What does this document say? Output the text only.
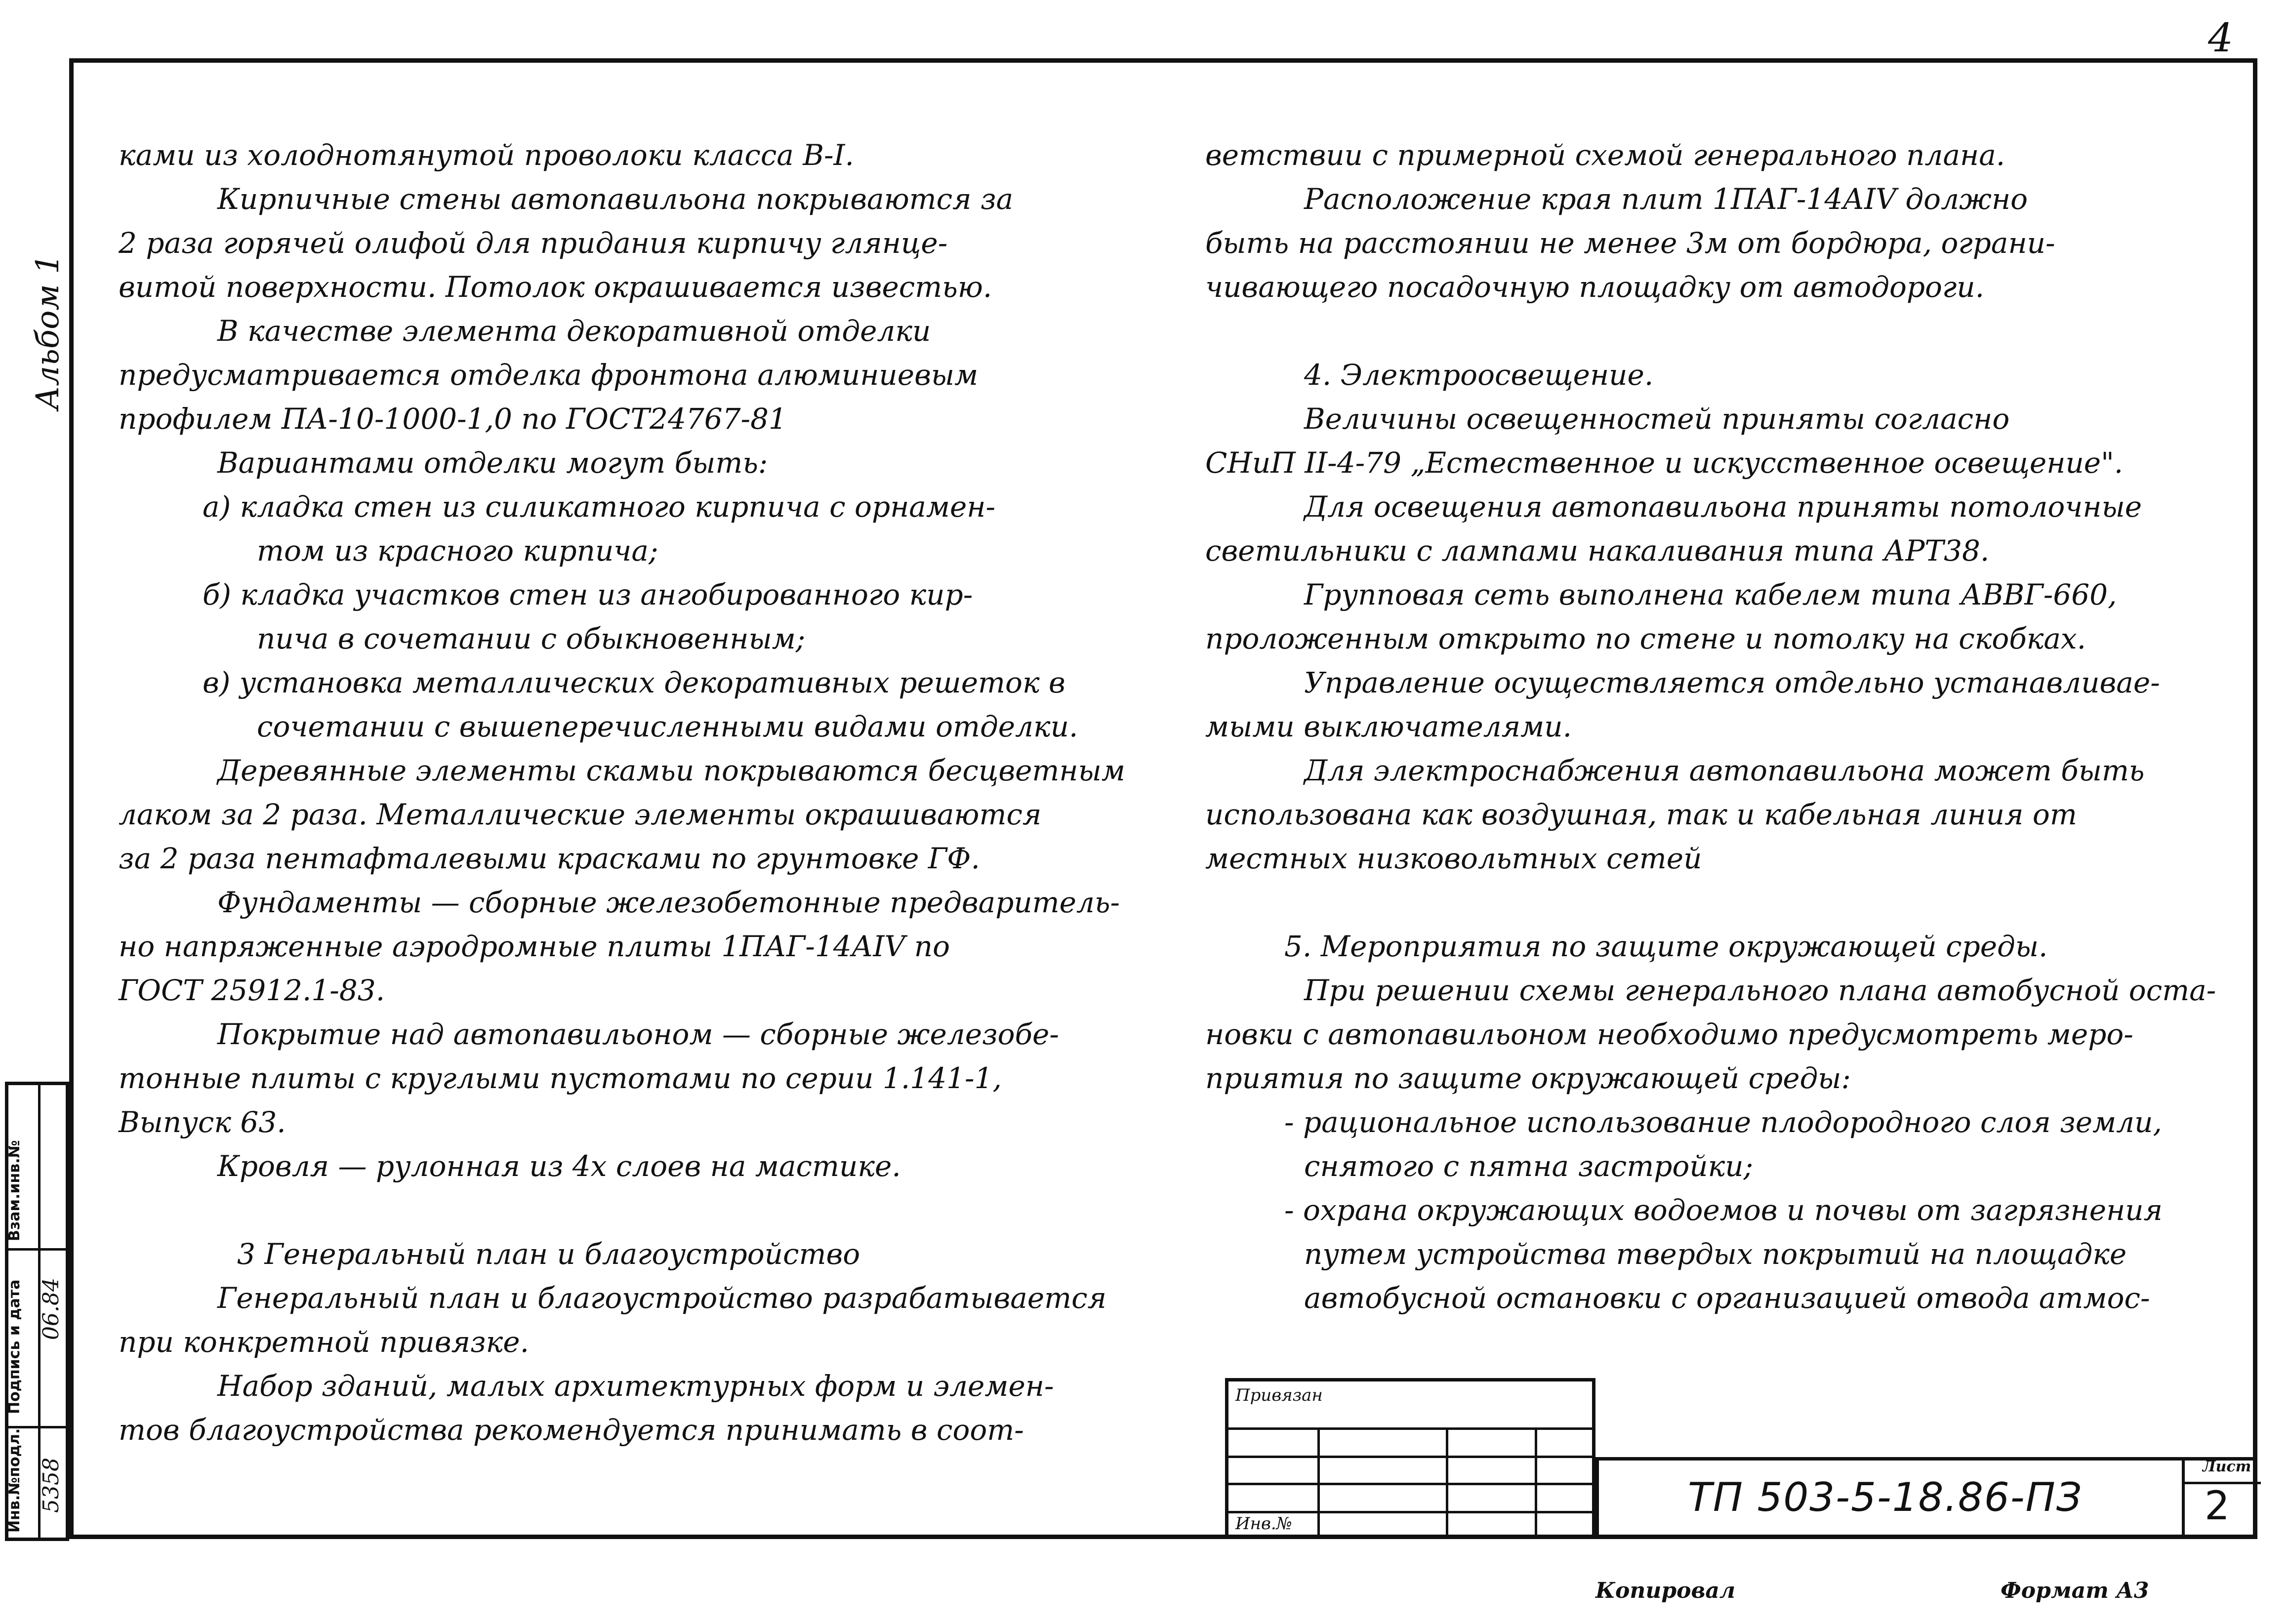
4
Альбом 1
Инв.№подл.
Подпись и дата
Взам.инв.№
5358
06.84

ками из холоднотянутой проволоки класса В-I.

Кирпичные стены автопавильона покрываются за

2 раза горячей олифой для придания кирпичу глянце-

витой поверхности. Потолок окрашивается известью.

В качестве элемента декоративной отделки

предусматривается отделка фронтона алюминиевым

профилем ПА-10-1000-1,0 по ГОСТ24767-81

Вариантами отделки могут быть:

а) кладка стен из силикатного кирпича с орнамен-

том из красного кирпича;

б) кладка участков стен из ангобированного кир-

пича в сочетании с обыкновенным;

в) установка металлических декоративных решеток в

сочетании с вышеперечисленными видами отделки.

Деревянные элементы скамьи покрываются бесцветным

лаком за 2 раза. Металлические элементы окрашиваются

за 2 раза пентафталевыми красками по грунтовке ГФ.

Фундаменты — сборные железобетонные предваритель-

но напряженные аэродромные плиты 1ПАГ-14АIV по

ГОСТ 25912.1-83.

Покрытие над автопавильоном — сборные железобе-

тонные плиты с круглыми пустотами по серии 1.141-1,

Выпуск 63.

Кровля — рулонная из 4х слоев на мастике.

3 Генеральный план и благоустройство

Генеральный план и благоустройство разрабатывается

при конкретной привязке.

Набор зданий, малых архитектурных форм и элемен-

тов благоустройства рекомендуется принимать в соот-

ветствии с примерной схемой генерального плана.

Расположение края плит 1ПАГ-14АIV должно

быть на расстоянии не менее 3м от бордюра, ограни-

чивающего посадочную площадку от автодороги.

4. Электроосвещение.

Величины освещенностей приняты согласно

СНиП II-4-79 „Естественное и искусственное освещение".

Для освещения автопавильона приняты потолочные

светильники с лампами накаливания типа АРТ38.

Групповая сеть выполнена кабелем типа АВВГ-660,

проложенным открыто по стене и потолку на скобках.

Управление осуществляется отдельно устанавливае-

мыми выключателями.

Для электроснабжения автопавильона может быть

использована как воздушная, так и кабельная линия от

местных низковольтных сетей

5. Мероприятия по защите окружающей среды.

При решении схемы генерального плана автобусной оста-

новки с автопавильоном необходимо предусмотреть меро-

приятия по защите окружающей среды:

- рациональное использование плодородного слоя земли,

снятого с пятна застройки;

- охрана окружающих водоемов и почвы от загрязнения

путем устройства твердых покрытий на площадке

автобусной остановки с организацией отвода атмос-

Привязан
Инв.№
ТП 503-5-18.86-ПЗ
Лист
2
Копировал	Формат А3
